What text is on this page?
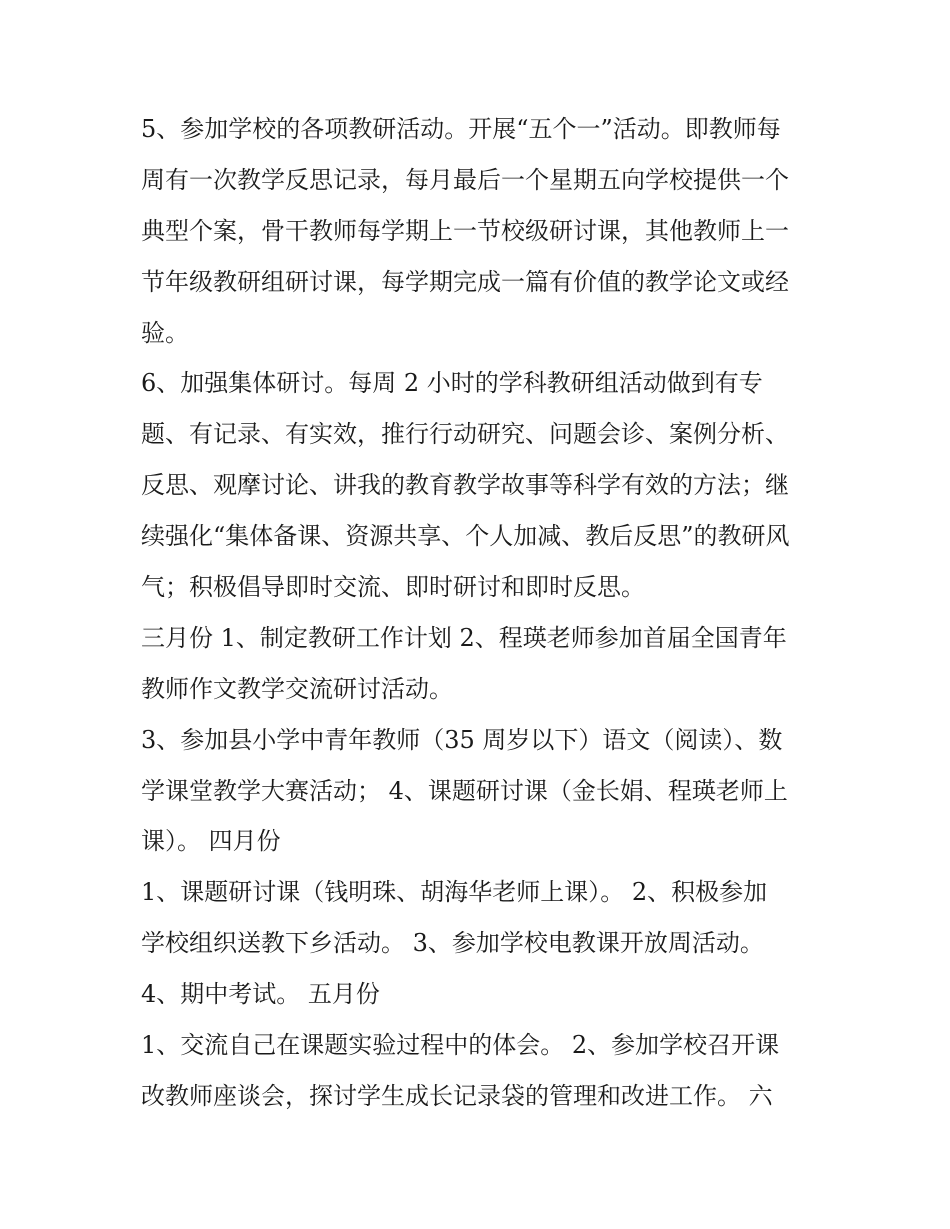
5、参加学校的各项教研活动。开展“五个一”活动。即教师每
周有一次教学反思记录，每月最后一个星期五向学校提供一个
典型个案，骨干教师每学期上一节校级研讨课，其他教师上一
节年级教研组研讨课，每学期完成一篇有价值的教学论文或经
验。
6、加强集体研讨。每周 2 小时的学科教研组活动做到有专
题、有记录、有实效，推行行动研究、问题会诊、案例分析、
反思、观摩讨论、讲我的教育教学故事等科学有效的方法；继
续强化“集体备课、资源共享、个人加减、教后反思”的教研风
气；积极倡导即时交流、即时研讨和即时反思。
三月份 1、制定教研工作计划 2、程瑛老师参加首届全国青年
教师作文教学交流研讨活动。
3、参加县小学中青年教师（35 周岁以下）语文（阅读）、数
学课堂教学大赛活动； 4、课题研讨课（金长娟、程瑛老师上
课）。 四月份
1、课题研讨课（钱明珠、胡海华老师上课）。 2、积极参加
学校组织送教下乡活动。 3、参加学校电教课开放周活动。
4、期中考试。 五月份
1、交流自己在课题实验过程中的体会。 2、参加学校召开课
改教师座谈会，探讨学生成长记录袋的管理和改进工作。 六
